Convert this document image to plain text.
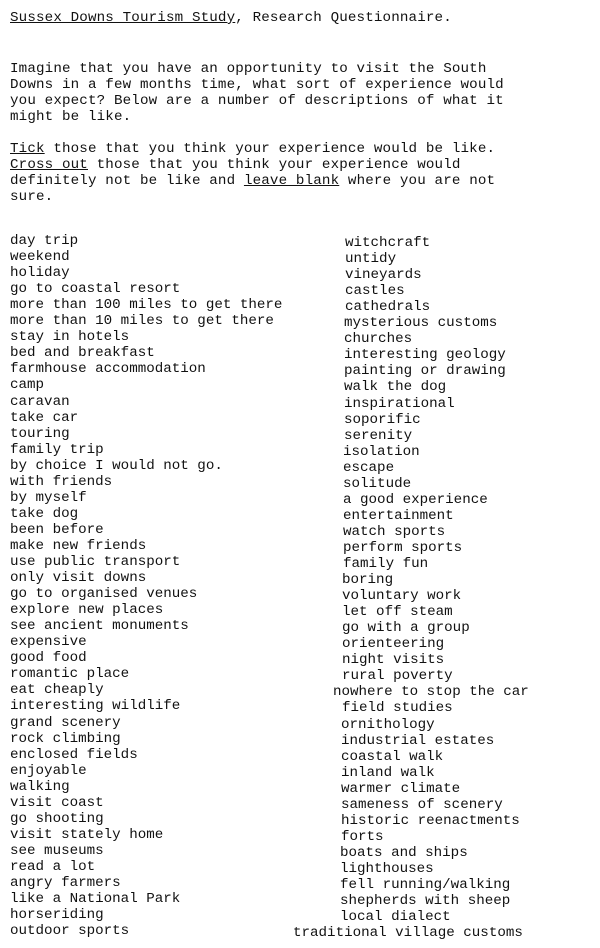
Sussex Downs Tourism Study, Research Questionnaire.
Imagine that you have an opportunity to visit the South
Downs in a few months time, what sort of experience would
you expect? Below are a number of descriptions of what it
might be like.
Tick those that you think your experience would be like.
Cross out those that you think your experience would
definitely not be like and leave blank where you are not
sure.
day trip
weekend
holiday
go to coastal resort
more than 100 miles to get there
more than 10 miles to get there
stay in hotels
bed and breakfast
farmhouse accommodation
camp
caravan
take car
touring
family trip
by choice I would not go.
with friends
by myself
take dog
been before
make new friends
use public transport
only visit downs
go to organised venues
explore new places
see ancient monuments
expensive
good food
romantic place
eat cheaply
interesting wildlife
grand scenery
rock climbing
enclosed fields
enjoyable
walking
visit coast
go shooting
visit stately home
see museums
read a lot
angry farmers
like a National Park
horseriding
outdoor sports
witchcraft
untidy
vineyards
castles
cathedrals
mysterious customs
churches
interesting geology
painting or drawing
walk the dog
inspirational
soporific
serenity
isolation
escape
solitude
a good experience
entertainment
watch sports
perform sports
family fun
boring
voluntary work
let off steam
go with a group
orienteering
night visits
rural poverty
nowhere to stop the car
field studies
ornithology
industrial estates
coastal walk
inland walk
warmer climate
sameness of scenery
historic reenactments
forts
boats and ships
lighthouses
fell running/walking
shepherds with sheep
local dialect
traditional village customs
